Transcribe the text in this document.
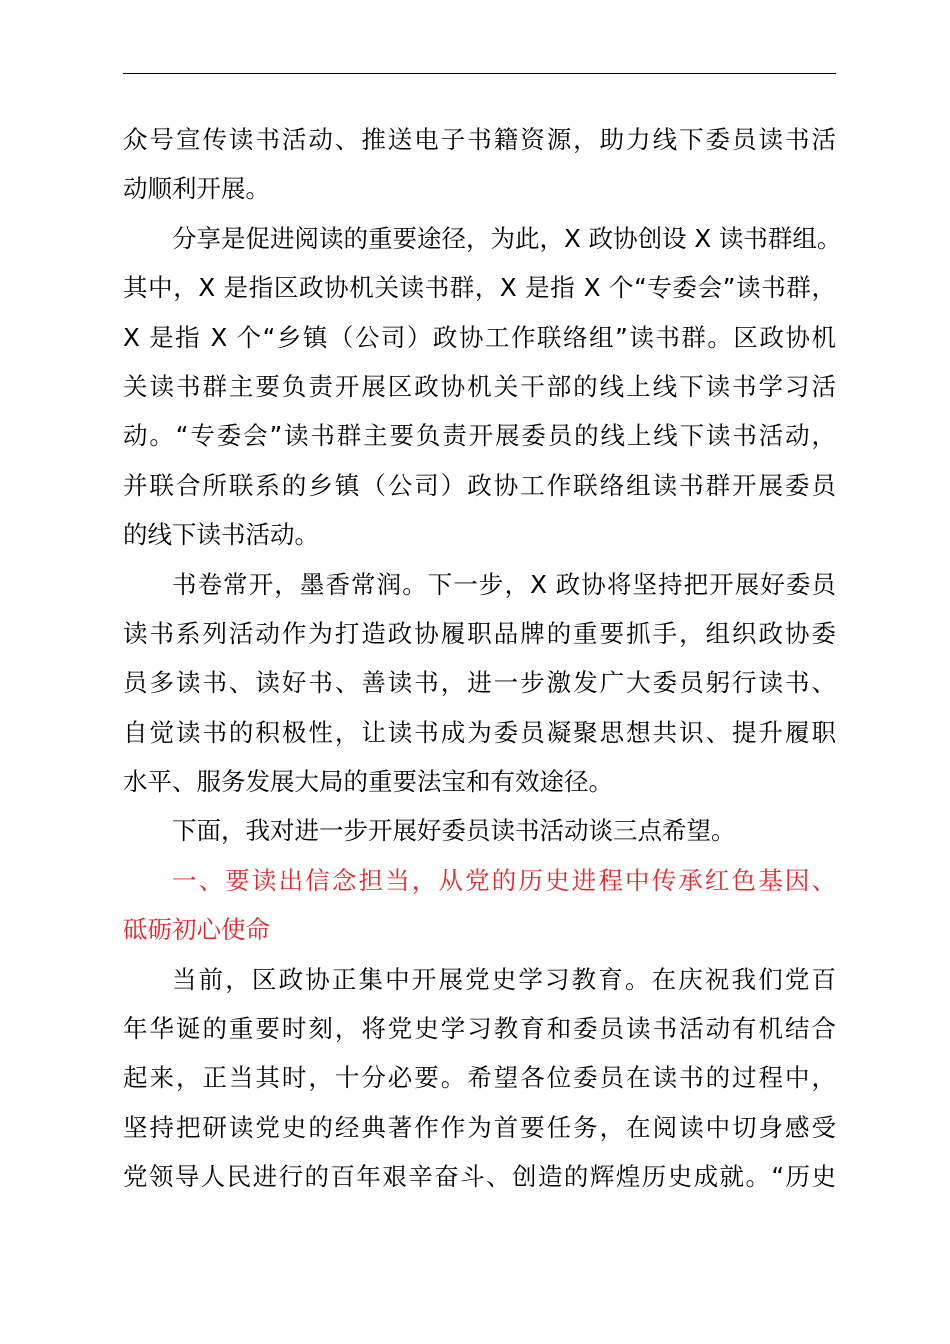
众号宣传读书活动、推送电子书籍资源，助力线下委员读书活
动顺利开展。
分享是促进阅读的重要途径，为此，X 政协创设 X 读书群组。
其中，X 是指区政协机关读书群，X 是指 X 个“专委会”读书群，
X 是指 X 个“乡镇（公司）政协工作联络组”读书群。区政协机
关读书群主要负责开展区政协机关干部的线上线下读书学习活
动。“专委会”读书群主要负责开展委员的线上线下读书活动，
并联合所联系的乡镇（公司）政协工作联络组读书群开展委员
的线下读书活动。
书卷常开，墨香常润。下一步，X 政协将坚持把开展好委员
读书系列活动作为打造政协履职品牌的重要抓手，组织政协委
员多读书、读好书、善读书，进一步激发广大委员躬行读书、
自觉读书的积极性，让读书成为委员凝聚思想共识、提升履职
水平、服务发展大局的重要法宝和有效途径。
下面，我对进一步开展好委员读书活动谈三点希望。
一、要读出信念担当，从党的历史进程中传承红色基因、
砥砺初心使命
当前，区政协正集中开展党史学习教育。在庆祝我们党百
年华诞的重要时刻，将党史学习教育和委员读书活动有机结合
起来，正当其时，十分必要。希望各位委员在读书的过程中，
坚持把研读党史的经典著作作为首要任务，在阅读中切身感受
党领导人民进行的百年艰辛奋斗、创造的辉煌历史成就。“历史
